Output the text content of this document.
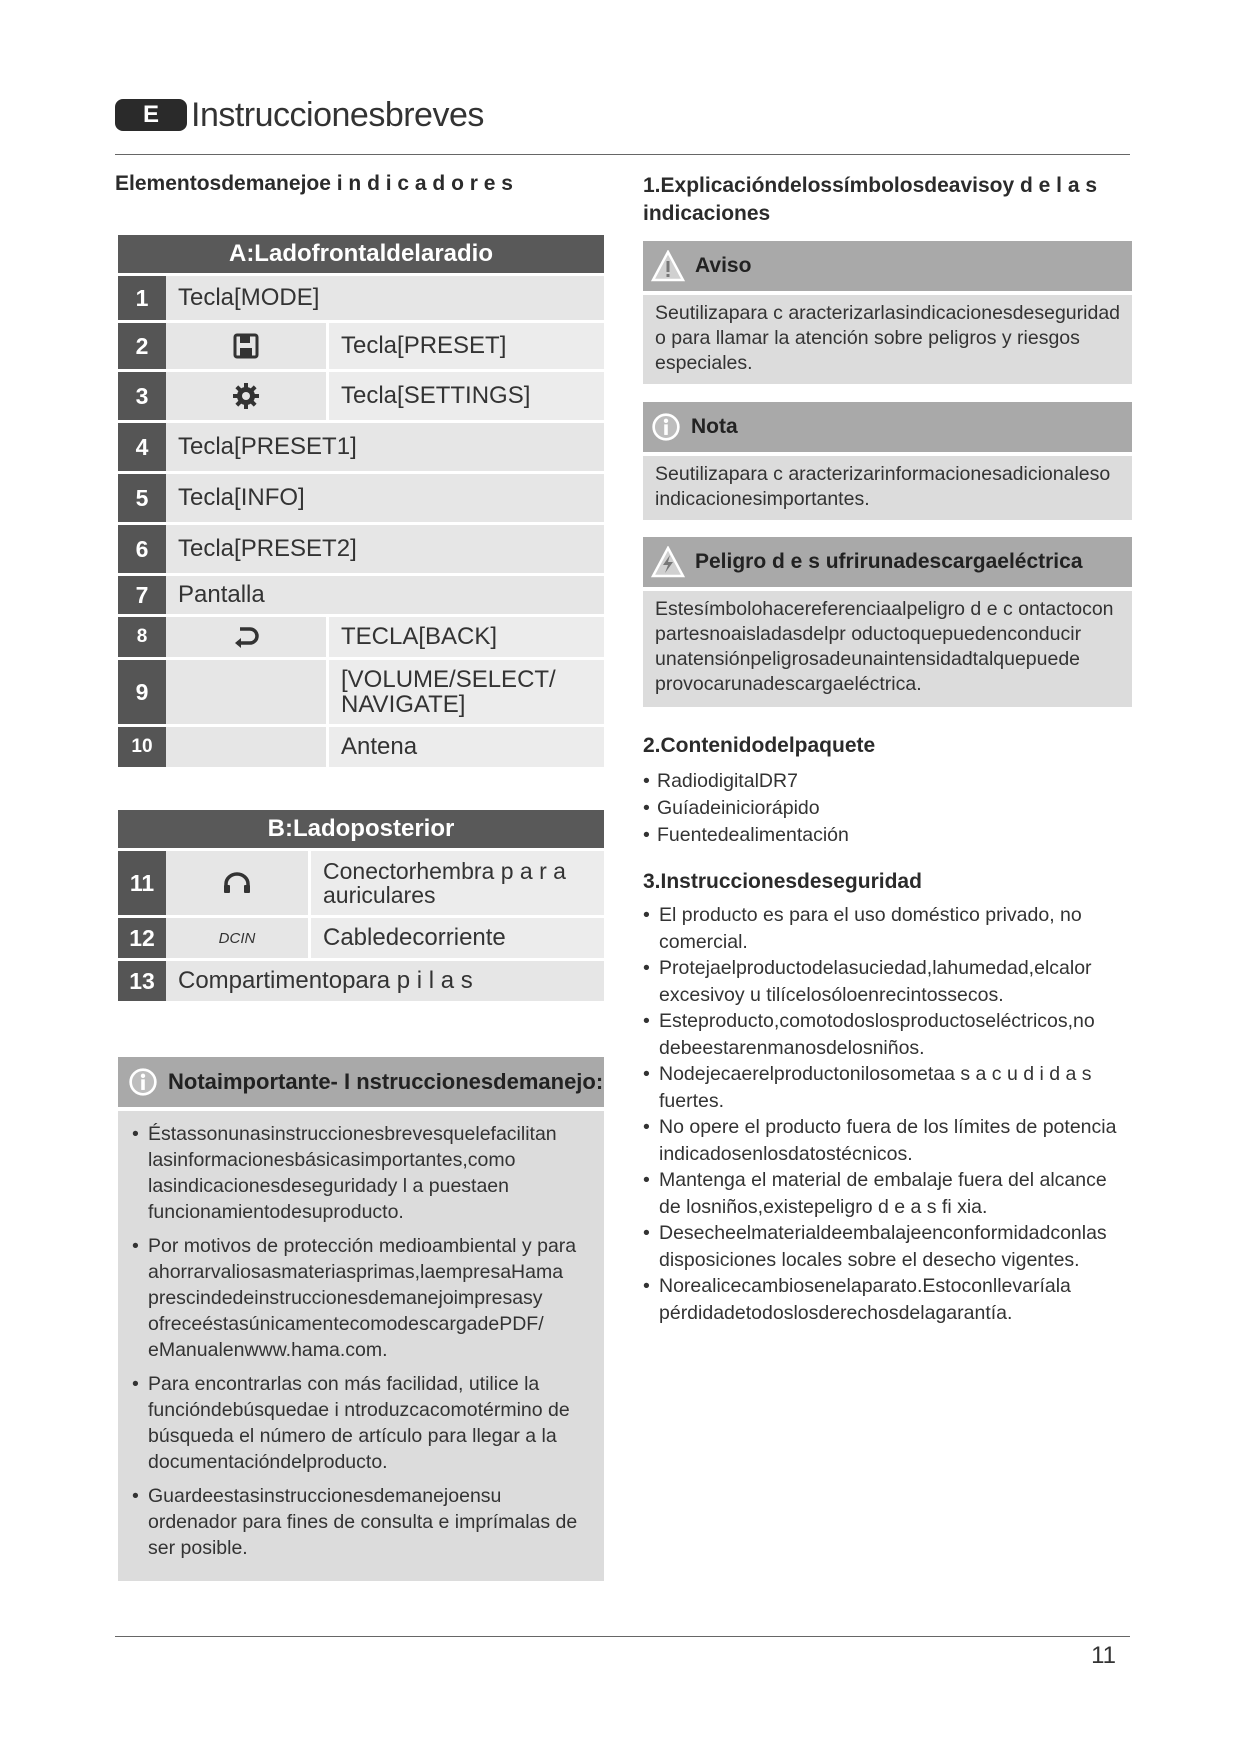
E Instruccionesbreves
Elementosdemanejoe i n d i c a d o r e s
A:Ladofrontaldelaradio
1	Tecla[MODE]
2	Tecla[PRESET]
3	Tecla[SETTINGS]
4	Tecla[PRESET1]
5	Tecla[INFO]
6	Tecla[PRESET2]
7	Pantalla
8	TECLA[BACK]
9	[VOLUME/SELECT/ NAVIGATE]
10	Antena
B:Ladoposterior
11	Conectorhembra p a r a auriculares
12	DCIN	Cabledecorriente
13 Compartimentopara p i l a s
Notaimportante- I nstruccionesdemanejo:
• Éstassonunasinstruccionesbrevesquelefacilitan lasinformacionesbásicasimportantes,como lasindicacionesdeseguridady l a puestaen funcionamientodesuproducto.
• Por motivos de protección medioambiental y para ahorrarvaliosasmateriasprimas,laempresaHama prescindedeinstruccionesdemanejoimpresasy ofreceéstasúnicamentecomodescargadePDF/ eManualenwww.hama.com.
• Para encontrarlas con más facilidad, utilice la funcióndebúsquedae i ntroduzcacomotérmino de búsqueda el número de artículo para llegar a la documentacióndelproducto.
• Guardeestasinstruccionesdemanejoensu ordenador para fines de consulta e imprímalas de ser posible.
1.Explicacióndelossímbolosdeavisoy d e l a s indicaciones
Aviso
Seutilizapara c aracterizarlasindicacionesdeseguridad o para llamar la atención sobre peligros y riesgos especiales.
Nota
Seutilizapara c aracterizarinformacionesadicionaleso indicacionesimportantes.
Peligro d e s ufrirunadescargaeléctrica
Estesímbolohacereferenciaalpeligro d e c ontactocon partesnoaisladasdelpr oductoquepuedenconducir unatensiónpeligrosadeunaintensidadtalquepuede provocarunadescargaeléctrica.
2.Contenidodelpaquete
• RadiodigitalDR7
• Guíadeiniciorápido
• Fuentedealimentación
3.Instruccionesdeseguridad
• El producto es para el uso doméstico privado, no comercial.
• Protejaelproductodelasuciedad,lahumedad,elcalor excesivoy u tilícelosóloenrecintossecos.
• Esteproducto,comotodoslosproductoseléctricos,no debeestarenmanosdelosniños.
• Nodejecaerelproductonilosometaa s a c u d i d a s fuertes.
• No opere el producto fuera de los límites de potencia indicadosenlosdatostécnicos.
• Mantenga el material de embalaje fuera del alcance de losniños,existepeligro d e a s fi xia.
• Desecheelmaterialdeembalajeenconformidadconlas disposiciones locales sobre el desecho vigentes.
• Norealicecambiosenelaparato.Estoconllevaríala pérdidadetodoslosderechosdelagarantía.
11
